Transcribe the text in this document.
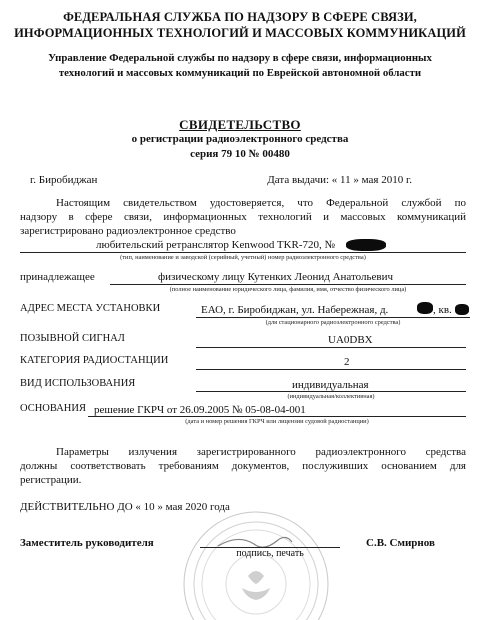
ФЕДЕРАЛЬНАЯ СЛУЖБА ПО НАДЗОРУ В СФЕРЕ СВЯЗИ,
ИНФОРМАЦИОННЫХ ТЕХНОЛОГИЙ И МАССОВЫХ КОММУНИКАЦИЙ
Управление Федеральной службы по надзору в сфере связи, информационных
технологий и массовых коммуникаций по Еврейской автономной области
СВИДЕТЕЛЬСТВО
о регистрации радиоэлектронного средства
серия 79 10 № 00480
г. Биробиджан	Дата выдачи: « 11 » мая 2010 г.
Настоящим свидетельством удостоверяется, что Федеральной службой по
надзору в сфере связи, информационных технологий и массовых коммуникаций
зарегистрировано радиоэлектронное средство
любительский ретранслятор Kenwood TKR-720, №
(тип, наименование и заводской (серийный, учетный) номер радиоэлектронного средства)
принадлежащее	физическому лицу Кутенких Леонид Анатольевич
(полное наименование юридического лица, фамилия, имя, отчество физического лица)
АДРЕС МЕСТА УСТАНОВКИ	ЕАО, г. Биробиджан, ул. Набережная, д.	, кв.
(для стационарного радиоэлектронного средства)
ПОЗЫВНОЙ СИГНАЛ	UA0DBX
КАТЕГОРИЯ РАДИОСТАНЦИИ	2
ВИД ИСПОЛЬЗОВАНИЯ	индивидуальная
(индивидуальная/коллективная)
ОСНОВАНИЯ решение ГКРЧ от 26.09.2005 № 05-08-04-001
(дата и номер решения ГКРЧ или лицензии судовой радиостанции)
Параметры излучения зарегистрированного радиоэлектронного средства
должны соответствовать требованиям документов, послуживших основанием для
регистрации.
ДЕЙСТВИТЕЛЬНО ДО « 10 » мая 2020 года
Заместитель руководителя	С.В. Смирнов
подпись, печать
